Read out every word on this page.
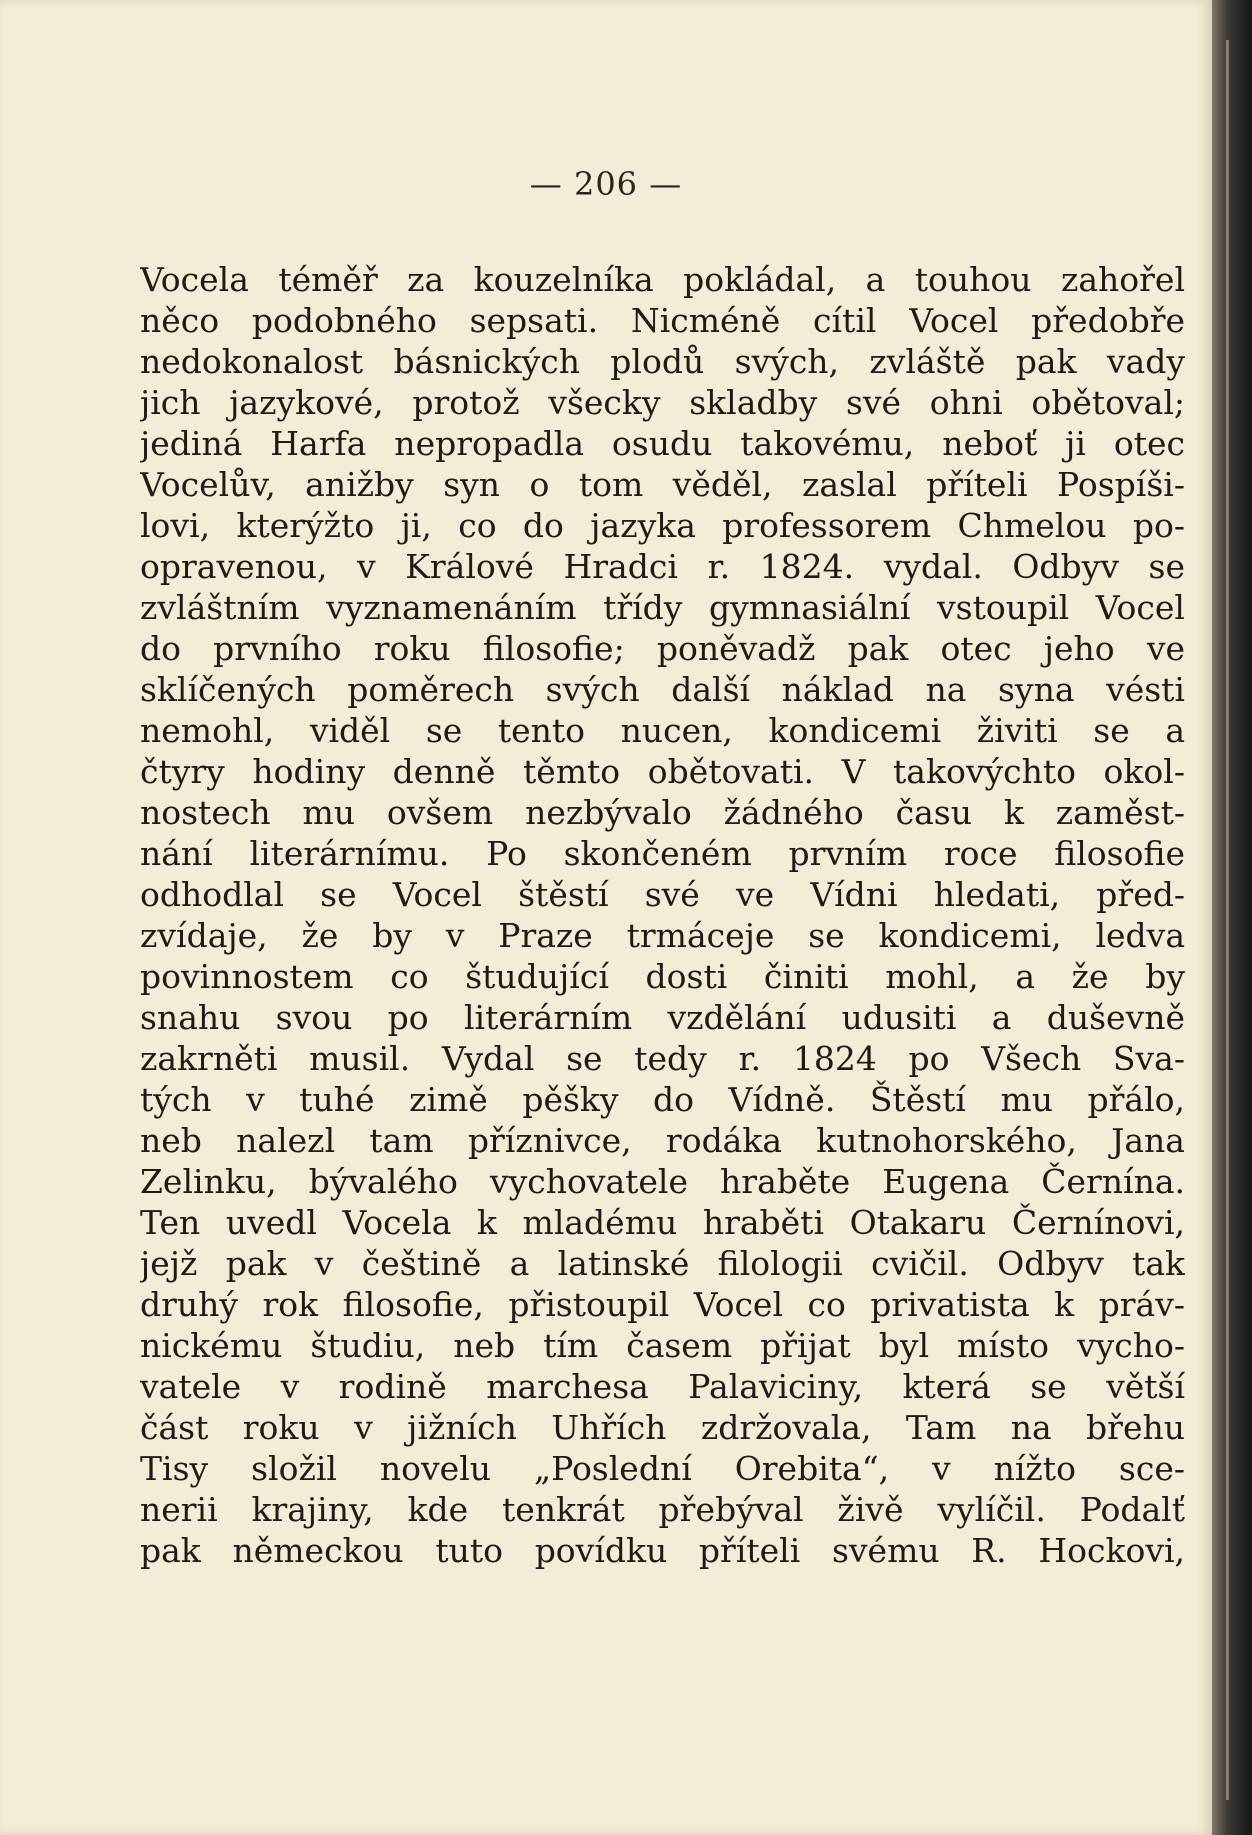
— 206 —
Vocela téměř za kouzelníka pokládal, a touhou zahořel
něco podobného sepsati. Nicméně cítil Vocel předobře
nedokonalost básnických plodů svých, zvláště pak vady
jich jazykové, protož všecky skladby své ohni obětoval;
jediná Harfa nepropadla osudu takovému, neboť ji otec
Vocelův, anižby syn o tom věděl, zaslal příteli Pospíši-
lovi, kterýžto ji, co do jazyka professorem Chmelou po-
opravenou, v Králové Hradci r. 1824. vydal. Odbyv se
zvláštním vyznamenáním třídy gymnasiální vstoupil Vocel
do prvního roku filosofie; poněvadž pak otec jeho ve
sklíčených poměrech svých další náklad na syna vésti
nemohl, viděl se tento nucen, kondicemi živiti se a
čtyry hodiny denně těmto obětovati. V takovýchto okol-
nostech mu ovšem nezbývalo žádného času k zaměst-
nání literárnímu. Po skončeném prvním roce filosofie
odhodlal se Vocel štěstí své ve Vídni hledati, před-
zvídaje, že by v Praze trmáceje se kondicemi, ledva
povinnostem co študující dosti činiti mohl, a že by
snahu svou po literárním vzdělání udusiti a duševně
zakrněti musil. Vydal se tedy r. 1824 po Všech Sva-
tých v tuhé zimě pěšky do Vídně. Štěstí mu přálo,
neb nalezl tam příznivce, rodáka kutnohorského, Jana
Zelinku, bývalého vychovatele hraběte Eugena Černína.
Ten uvedl Vocela k mladému hraběti Otakaru Černínovi,
jejž pak v češtině a latinské filologii cvičil. Odbyv tak
druhý rok filosofie, přistoupil Vocel co privatista k práv-
nickému študiu, neb tím časem přijat byl místo vycho-
vatele v rodině marchesa Palaviciny, která se větší
část roku v jižních Uhřích zdržovala, Tam na břehu
Tisy složil novelu „Poslední Orebita“, v nížto sce-
nerii krajiny, kde tenkrát přebýval živě vylíčil. Podalť
pak německou tuto povídku příteli svému R. Hockovi,
